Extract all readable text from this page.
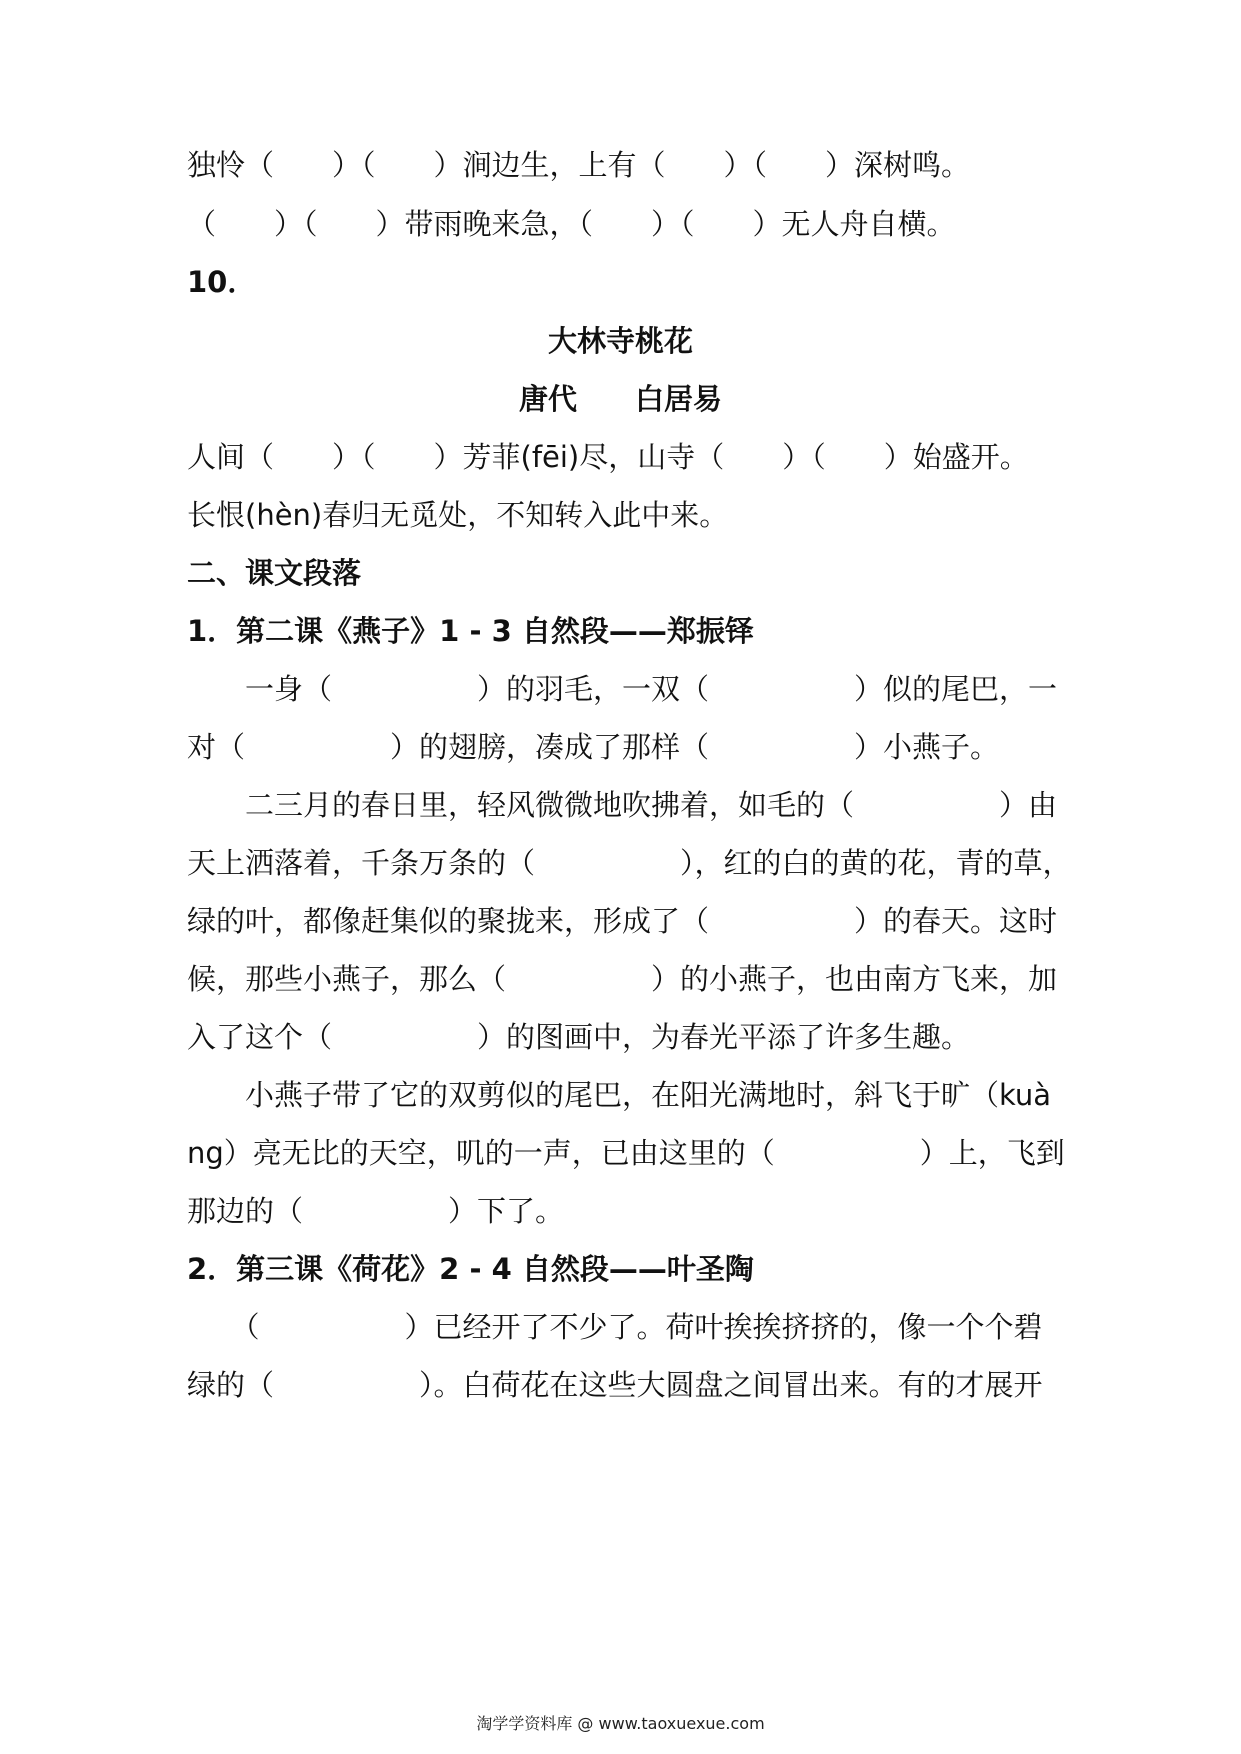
独怜（　　）（　　）涧边生，上有（　　）（　　）深树鸣。
（　　）（　　）带雨晚来急，（　　）（　　）无人舟自横。
10．
大林寺桃花
唐代　　白居易
人间（　　）（　　）芳菲(fēi)尽，山寺（　　）（　　）始盛开。
长恨(hèn)春归无觅处，不知转入此中来。
二、课文段落
1．第二课《燕子》1 - 3 自然段——郑振铎
　　一身（　　　　　）的羽毛，一双（　　　　　）似的尾巴，一
对（　　　　　）的翅膀，凑成了那样（　　　　　）小燕子。
　　二三月的春日里，轻风微微地吹拂着，如毛的（　　　　　）由
天上洒落着，千条万条的（　　　　　），红的白的黄的花，青的草，
绿的叶，都像赶集似的聚拢来，形成了（　　　　　）的春天。这时
候，那些小燕子，那么（　　　　　）的小燕子，也由南方飞来，加
入了这个（　　　　　）的图画中，为春光平添了许多生趣。
　　小燕子带了它的双剪似的尾巴，在阳光满地时，斜飞于旷（kuà
ng）亮无比的天空，叽的一声，已由这里的（　　　　　）上，飞到
那边的（　　　　　）下了。
2．第三课《荷花》2 - 4 自然段——叶圣陶
　　（　　　　　）已经开了不少了。荷叶挨挨挤挤的，像一个个碧
绿的（　　　　　）。白荷花在这些大圆盘之间冒出来。有的才展开
淘学学资料库 @ www.taoxuexue.com
